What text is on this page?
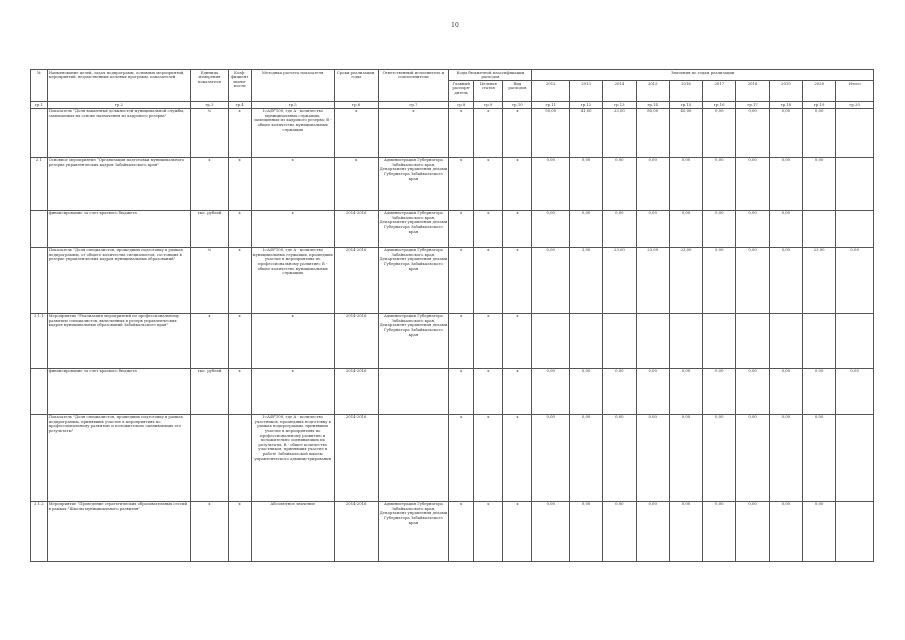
10
№	Наименование целей, задач подпрограмм, основных мероприятий, мероприятий, ведомственных целевых программ, показателей	Единица измерения показателя	Коэф-фициент значи-мости	Методика расчета показателя	Сроки реализации, годы	Ответственный исполнитель и соисполнители	Коды бюджетной классификации расходов			Значения по годам реализации									
							Главный распоря-дитель	Целевая статья	Вид расходов	2012	2013	2014	2015	2016	2017	2018	2019	2020	Итого
гр.1	гр.2	гр.3	гр.4	гр.5	гр.6	гр.7	гр.8	гр.9	гр.10	гр.11	гр.12	гр.13	гр.14	гр.15	гр.16	гр.17	гр.18	гр.19	гр.20
	Показатель "Доля вакантных должностей муниципальной службы, замещаемых на основе назначения из кадрового резерва"	%	x	I=A/B*100, где А - количество муниципальных служащих, замещенных из кадрового резерва; B - общее количество муниципальных служащих	x	x	x	x	x	50,00	41,00	23,00	80,00	40,00	0,00	0,00	0,00	0,00	
2.1	Основное мероприятие "Организация подготовки муниципального резерва управленческих кадров Забайкальского края"	x	x	x	x	Администрация Губернатора Забайкальского края, Департамент управления делами Губернатора Забайкальского края	x	x	x	0,00	0,00	0,00	0,00	0,00	0,00	0,00	0,00	0,00	
	финансирование за счет краевого бюджета	тыс. рублей	x	x	2014-2016	Администрация Губернатора Забайкальского края, Департамент управления делами Губернатора Забайкальского края	x	x	x	0,00	0,00	0,00	0,00	0,00	0,00	0,00	0,00		
	Показатель "Доля специалистов, прошедших подготовку в рамках подпрограммы, от общего количества специалистов, состоящих в резерве управленческих кадров муниципальных образований"	%	x	I=A/B*100, где А - количество муниципальных служащих, прошедших участие в мероприятиях по профессиональному развитию; B - общее количество муниципальных служащих	2014-2016	Администрация Губернатора Забайкальского края, Департамент управления делами Губернатора Забайкальского края	x	x	x	0,00	3,00	23,00	23,00	23,00	0,00	0,00	0,00	23,00	0,00
2.1.1	Мероприятие "Реализация мероприятий по профессиональному развитию специалистов, включенных в резерв управленческих кадров муниципальных образований Забайкальского края"	x	x	x	2014-2016	Администрация Губернатора Забайкальского края, Департамент управления делами Губернатора Забайкальского края	x	x	x										
	финансирование за счет краевого бюджета	тыс. рублей	x	x	2014-2016		x	x	x	0,00	0,00	0,00	0,00	0,00	0,00	0,00	0,00	0,00	0,00
	Показатель "Доля специалистов, прошедших подготовку в рамках подпрограммы, принявших участие в мероприятиях по профессиональному развитию и положительно оценивающих его результаты"			I=A/B*100, где А - количество участников, прошедших подготовку в рамках подпрограммы, принявших участие в мероприятиях по профессиональному развитию и положительно оценивающих их результаты, B - общее количество участников, принявших участие в работе Забайкальской школы управленческого администрирования	2014-2016		x	x	x	0,00	0,00	0,00	0,00	0,00	0,00	0,00	0,00	0,00	
2.1.2	Мероприятие "Проведение стратегических образовательных сессий в рамках "Школы муниципального развития"	x	x	Абсолютное значение	2014-2016	Администрация Губернатора Забайкальского края, Департамент управления делами Губернатора Забайкальского края	x	x	x	0,00	0,00	0,00	0,00	0,00	0,00	0,00	0,00	0,00	
